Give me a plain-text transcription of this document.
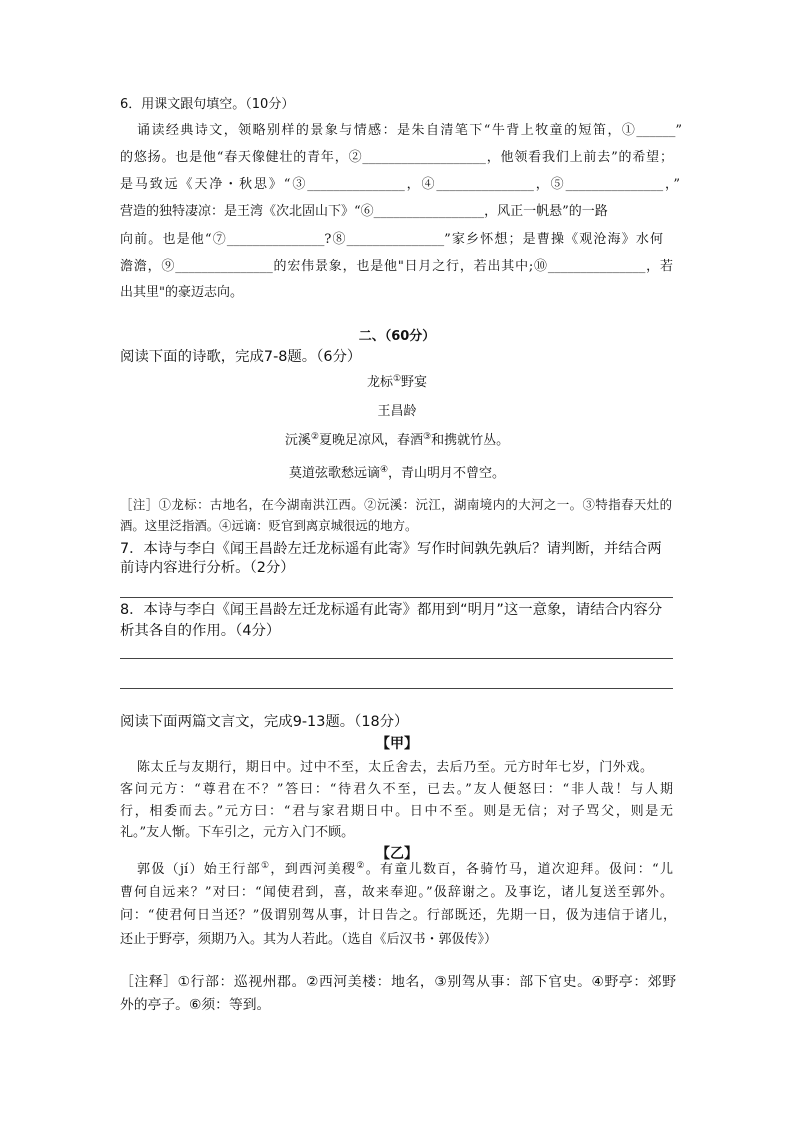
6．用课文跟句填空。（10分）
诵读经典诗文，领略别样的景象与情感：是朱自清笔下“牛背上牧童的短笛，①______”
的悠扬。也是他“春天像健壮的青年，②___________________，他领看我们上前去”的希望；
是马致远《天净・秋思》“③_______________，④_______________，⑤_______________，”
营造的独特凄凉：是王湾《次北固山下》“⑥_________________，风正一帆悬”的一路
向前。也是他“⑦_______________?⑧_______________”家乡怀想；是曹操《观沧海》水何
澹澹，⑨_______________的宏伟景象，也是他"日月之行，若出其中;⑩_______________，若
出其里"的豪迈志向。
二、（60分）
阅读下面的诗歌，完成7-8题。（6分）
龙标①野宴
王昌龄
沅溪②夏晚足凉风，春酒③和携就竹丛。
莫道弦歌愁远谪④，青山明月不曾空。
［注］①龙标：古地名，在今湖南洪江西。②沅溪：沅江，湖南境内的大河之一。③特指春天灶的
酒。这里泛指酒。④远谪：贬官到离京城很远的地方。
7．本诗与李白《闻王昌龄左迁龙标遥有此寄》写作时间孰先孰后？请判断，并结合两
前诗内容进行分析。（2分）
8．本诗与李白《闻王昌龄左迁龙标遥有此寄》都用到“明月”这一意象，请结合内容分
析其各自的作用。（4分）
阅读下面两篇文言文，完成9-13题。（18分）
【甲】
陈太丘与友期行，期日中。过中不至，太丘舍去，去后乃至。元方时年七岁，门外戏。
客问元方：“尊君在不？”答曰：“待君久不至，已去。”友人便怒曰：“非人哉！与人期
行，相委而去。”元方曰：“君与家君期日中。日中不至。则是无信；对子骂父，则是无
礼。”友人惭。下车引之，元方入门不顾。
【乙】
郭伋（jí）始王行部①，到西河美稷②。有童儿数百，各骑竹马，道次迎拜。伋问：“儿
曹何自远来？”对曰：“闻使君到，喜，故来奉迎。”伋辞谢之。及事讫，诸儿复送至郭外。
问：“使君何日当还？”伋谓别驾从事，计日告之。行部既还，先期一日，伋为违信于诸儿，
还止于野亭，须期乃入。其为人若此。（选自《后汉书・郭伋传》）
［注释］①行部：巡视州郡。②西河美楼：地名，③别驾从事：部下官史。④野亭：郊野
外的亭子。⑥须：等到。
